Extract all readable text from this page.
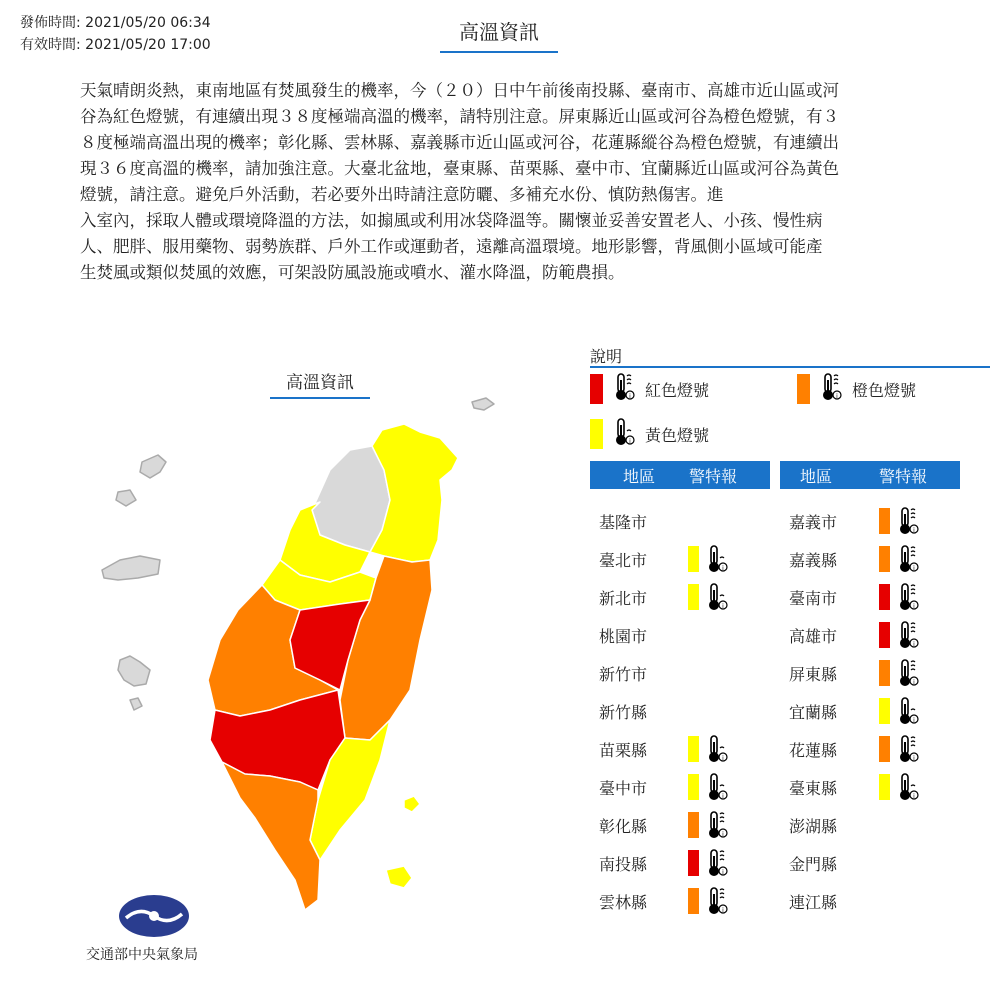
發佈時間: 2021/05/20 06:34
有效時間: 2021/05/20 17:00
高溫資訊

天氣晴朗炎熱，東南地區有焚風發生的機率，今（２０）日中午前後南投縣、臺南市、高雄市近山區或河

谷為紅色燈號，有連續出現３８度極端高溫的機率，請特別注意。屏東縣近山區或河谷為橙色燈號，有３

８度極端高溫出現的機率；彰化縣、雲林縣、嘉義縣市近山區或河谷，花蓮縣縱谷為橙色燈號，有連續出

現３６度高溫的機率，請加強注意。大臺北盆地，臺東縣、苗栗縣、臺中市、宜蘭縣近山區或河谷為黃色

燈號，請注意。避免戶外活動，若必要外出時請注意防曬、多補充水份、慎防熱傷害。進

入室內，採取人體或環境降溫的方法，如搧風或利用冰袋降溫等。關懷並妥善安置老人、小孩、慢性病

人、肥胖、服用藥物、弱勢族群、戶外工作或運動者，遠離高溫環境。地形影響，背風側小區域可能產

生焚風或類似焚風的效應，可架設防風設施或噴水、灌水降溫，防範農損。

高溫資訊
交通部中央氣象局
說明
i 紅色燈號	i 橙色燈號
i 黃色燈號
地區 警特報	地區	警特報
基隆市
臺北市	i
新北市	i
桃園市
新竹市
新竹縣
苗栗縣	i
臺中市	i
彰化縣	i
南投縣	i
雲林縣	i
嘉義市	i
嘉義縣	i
臺南市	i
高雄市	i
屏東縣	i
宜蘭縣	i
花蓮縣	i
臺東縣	i
澎湖縣
金門縣
連江縣
